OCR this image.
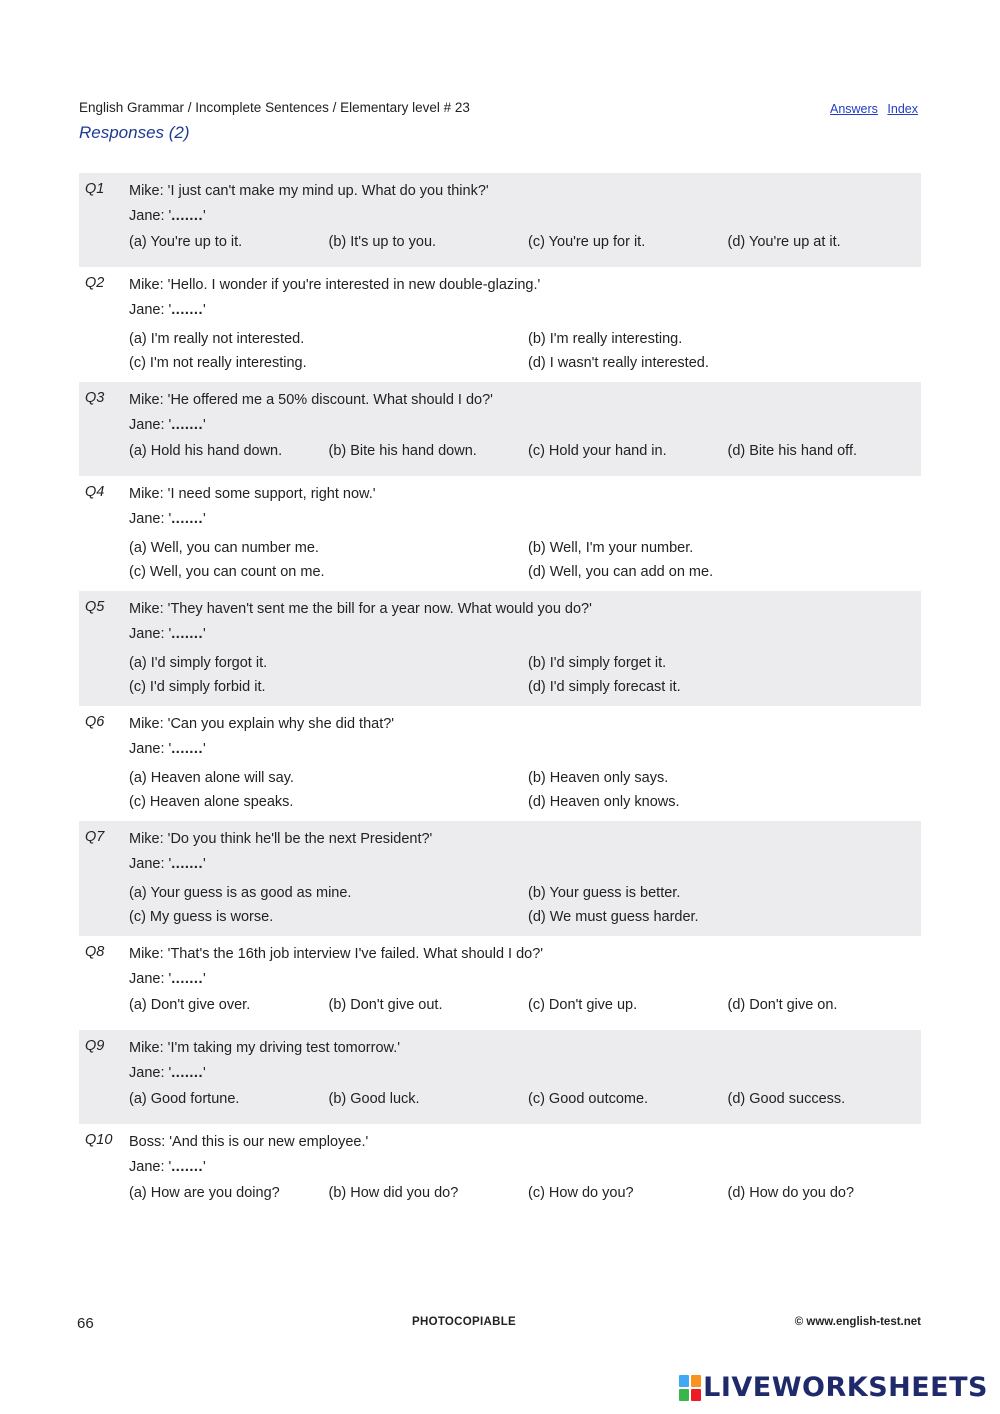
English Grammar / Incomplete Sentences / Elementary level # 23
Responses (2)
Answers Index
Q1 Mike: 'I just can't make my mind up. What do you think?'
Jane: '.......'
(a) You're up to it.	(b) It's up to you.	(c) You're up for it.	(d) You're up at it.
Q2 Mike: 'Hello. I wonder if you're interested in new double-glazing.'
Jane: '.......'
(a) I'm really not interested.	(b) I'm really interesting.
(c) I'm not really interesting.	(d) I wasn't really interested.
Q3 Mike: 'He offered me a 50% discount. What should I do?'
Jane: '.......'
(a) Hold his hand down.	(b) Bite his hand down.	(c) Hold your hand in.	(d) Bite his hand off.
Q4 Mike: 'I need some support, right now.'
Jane: '.......'
(a) Well, you can number me.	(b) Well, I'm your number.
(c) Well, you can count on me.	(d) Well, you can add on me.
Q5 Mike: 'They haven't sent me the bill for a year now. What would you do?'
Jane: '.......'
(a) I'd simply forgot it.	(b) I'd simply forget it.
(c) I'd simply forbid it.	(d) I'd simply forecast it.
Q6 Mike: 'Can you explain why she did that?'
Jane: '.......'
(a) Heaven alone will say.	(b) Heaven only says.
(c) Heaven alone speaks.	(d) Heaven only knows.
Q7 Mike: 'Do you think he'll be the next President?'
Jane: '.......'
(a) Your guess is as good as mine.	(b) Your guess is better.
(c) My guess is worse.	(d) We must guess harder.
Q8 Mike: 'That's the 16th job interview I've failed. What should I do?'
Jane: '.......'
(a) Don't give over.	(b) Don't give out.	(c) Don't give up.	(d) Don't give on.
Q9 Mike: 'I'm taking my driving test tomorrow.'
Jane: '.......'
(a) Good fortune.	(b) Good luck.	(c) Good outcome.	(d) Good success.
Q10 Boss: 'And this is our new employee.'
Jane: '.......'
(a) How are you doing?	(b) How did you do?	(c) How do you?	(d) How do you do?
66	PHOTOCOPIABLE	© www.english-test.net
LIVEWORKSHEETS
